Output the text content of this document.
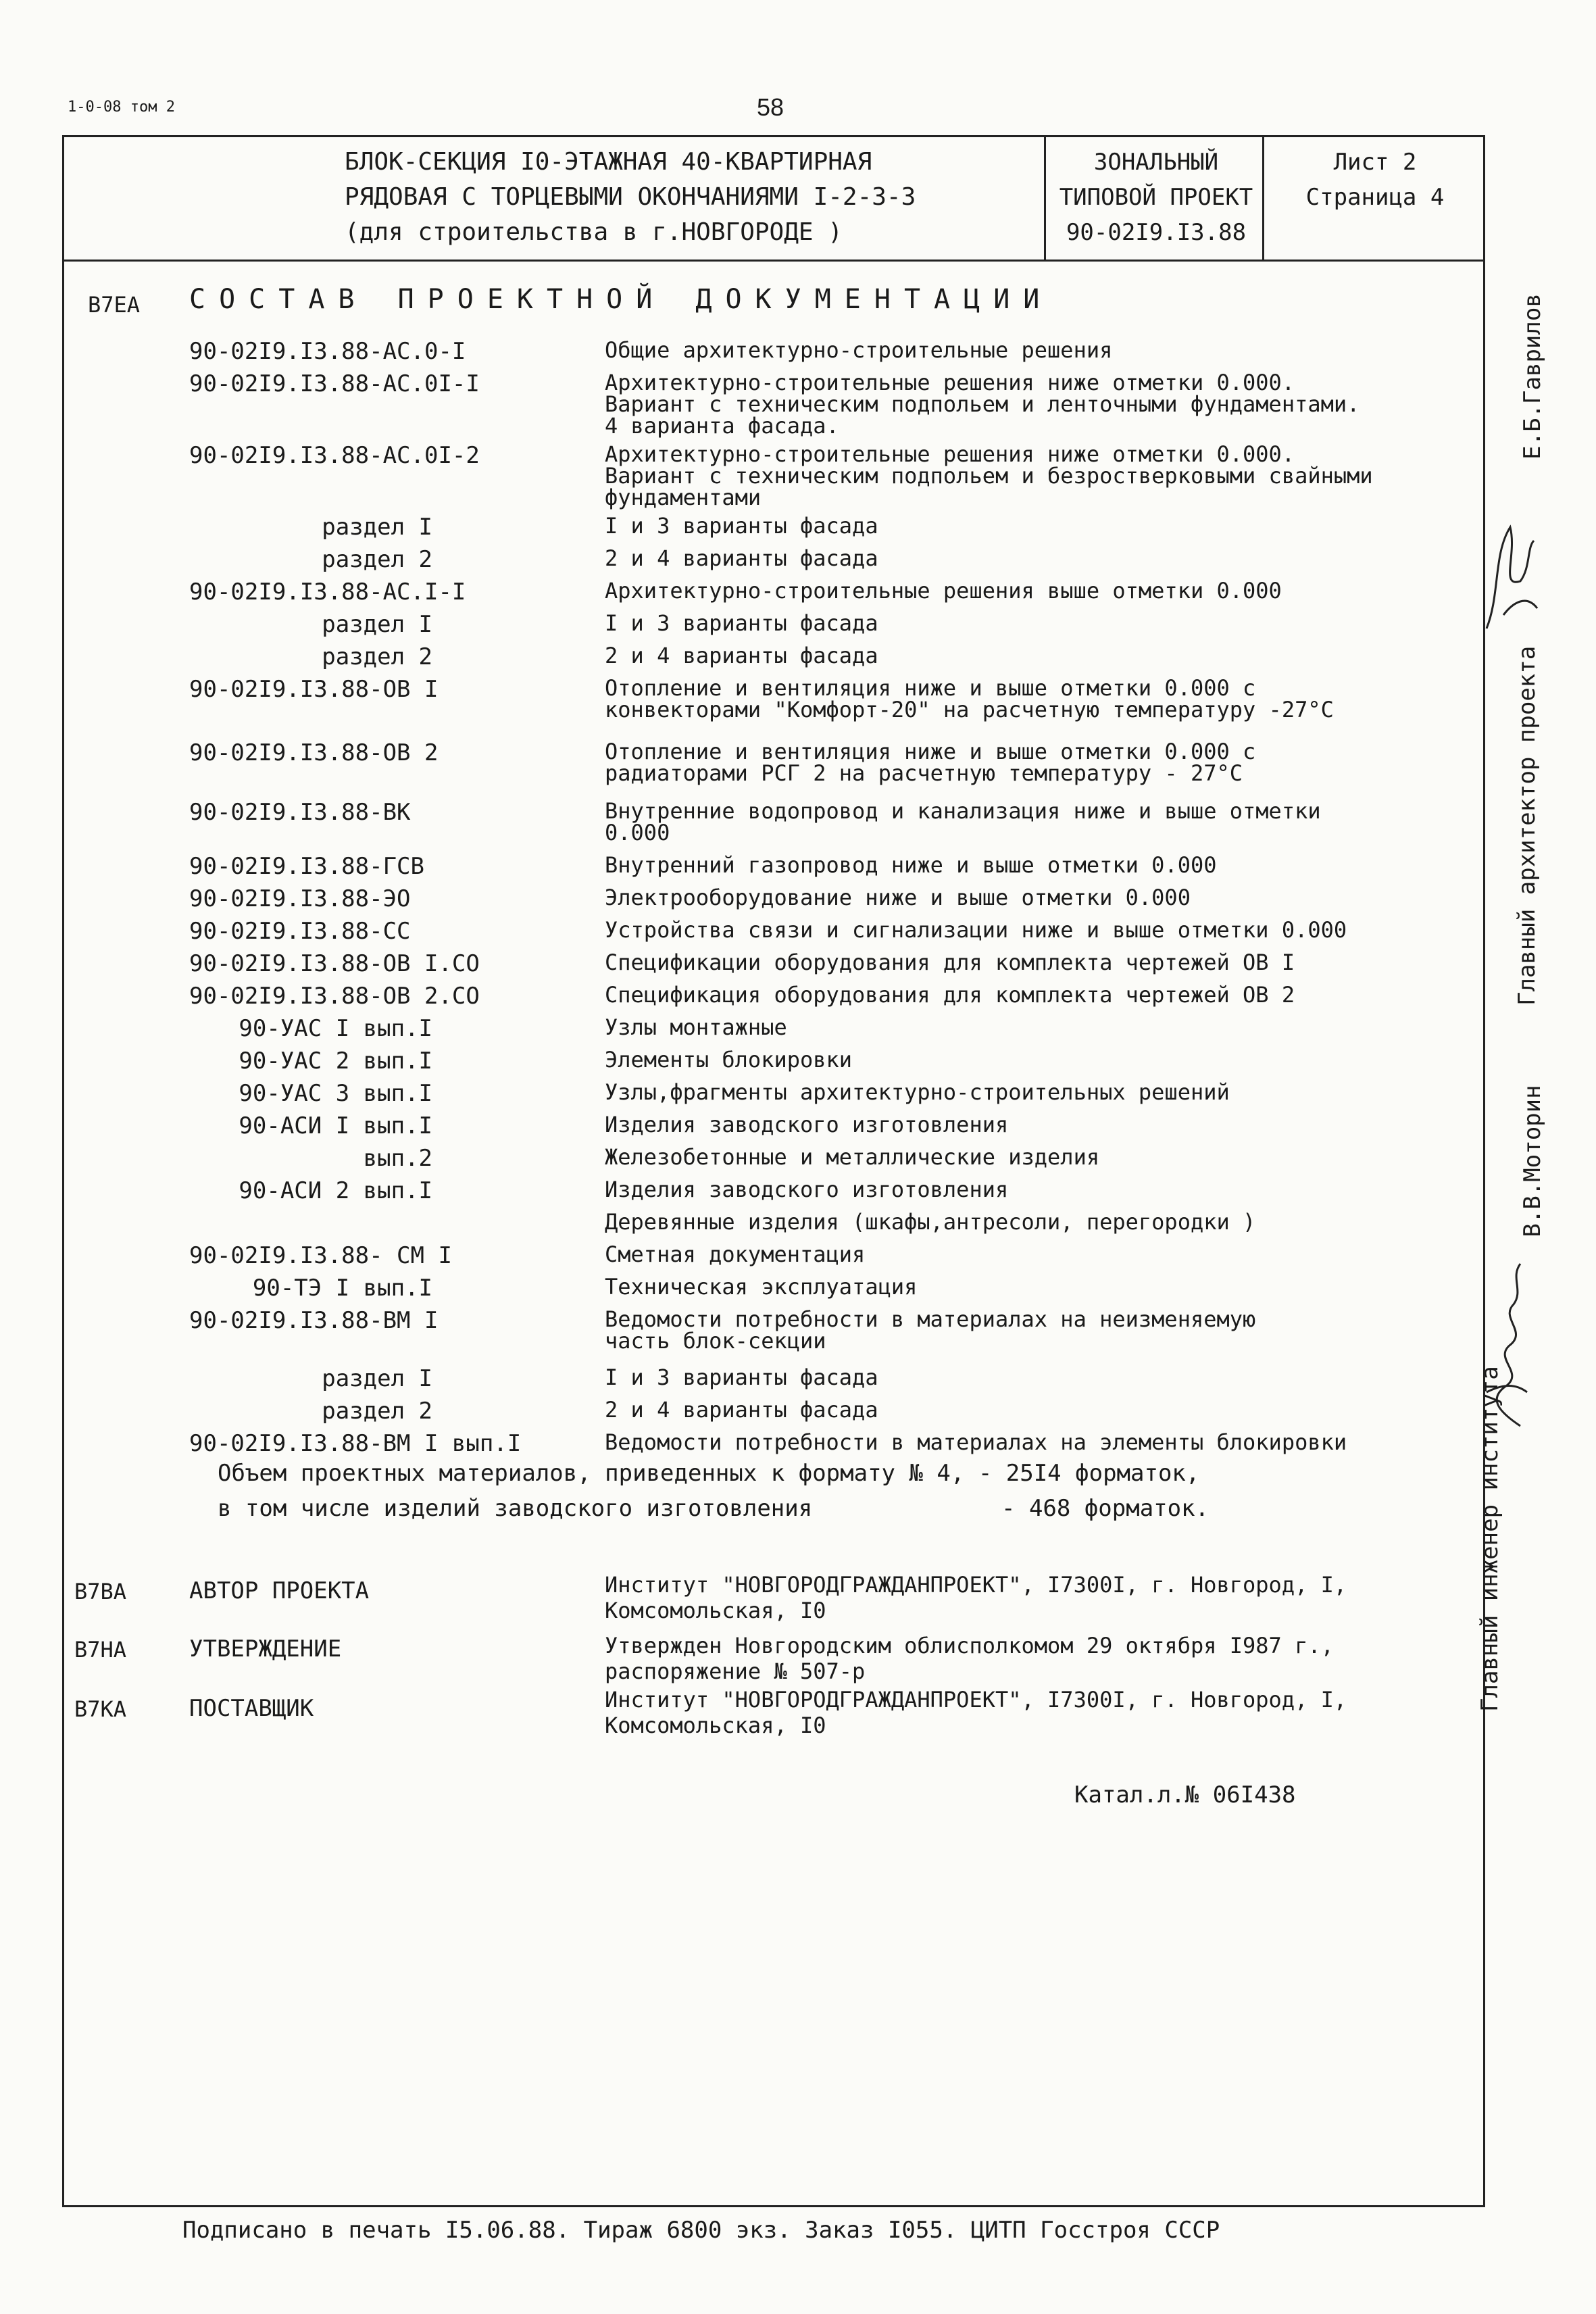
1-0-08 том 2	58
БЛОК-СЕКЦИЯ I0-ЭТАЖНАЯ 40-КВАРТИРНАЯ
РЯДОВАЯ С ТОРЦЕВЫМИ ОКОНЧАНИЯМИ I-2-3-3
(для строительства в г.НОВГОРОДЕ )
ЗОНАЛЬНЫЙ
ТИПОВОЙ ПРОЕКТ
90-02I9.I3.88
Лист 2
Страница 4
В7ЕА СОСТАВ ПРОЕКТНОЙ ДОКУМЕНТАЦИИ
90-02I9.I3.88-АС.0-I	Общие архитектурно-строительные решения
90-02I9.I3.88-АС.0I-I	Архитектурно-строительные решения ниже отметки 0.000.
Вариант с техническим подпольем и ленточными фундаментами.
4 варианта фасада.
90-02I9.I3.88-АС.0I-2	Архитектурно-строительные решения ниже отметки 0.000.
Вариант с техническим подпольем и безростверковыми свайными
фундаментами
раздел I	I и 3 варианты фасада
раздел 2	2 и 4 варианты фасада
90-02I9.I3.88-АС.I-I	Архитектурно-строительные решения выше отметки 0.000
раздел I	I и 3 варианты фасада
раздел 2	2 и 4 варианты фасада
90-02I9.I3.88-ОВ I	Отопление и вентиляция ниже и выше отметки 0.000 с
конвекторами "Комфорт-20" на расчетную температуру -27°С
90-02I9.I3.88-ОВ 2	Отопление и вентиляция ниже и выше отметки 0.000 с
радиаторами РСГ 2 на расчетную температуру - 27°С
90-02I9.I3.88-ВК	Внутренние водопровод и канализация ниже и выше отметки
0.000
90-02I9.I3.88-ГСВ	Внутренний газопровод ниже и выше отметки 0.000
90-02I9.I3.88-ЭО	Электрооборудование ниже и выше отметки 0.000
90-02I9.I3.88-СС	Устройства связи и сигнализации ниже и выше отметки 0.000
90-02I9.I3.88-ОВ I.СО	Спецификации оборудования для комплекта чертежей ОВ I
90-02I9.I3.88-ОВ 2.СО	Спецификация оборудования для комплекта чертежей ОВ 2
90-УАС I вып.I	Узлы монтажные
90-УАС 2 вып.I	Элементы блокировки
90-УАС 3 вып.I	Узлы,фрагменты архитектурно-строительных решений
90-АСИ I вып.I	Изделия заводского изготовления
вып.2	Железобетонные и металлические изделия
90-АСИ 2 вып.I	Изделия заводского изготовления
Деревянные изделия (шкафы,антресоли, перегородки )
90-02I9.I3.88- СМ I	Сметная документация
90-ТЭ I вып.I	Техническая эксплуатация
90-02I9.I3.88-ВМ I	Ведомости потребности в материалах на неизменяемую
часть блок-секции
раздел I	I и 3 варианты фасада
раздел 2	2 и 4 варианты фасада
90-02I9.I3.88-ВМ I вып.I	Ведомости потребности в материалах на элементы блокировки
Объем проектных материалов, приведенных к формату № 4, - 25I4 форматок,
в том числе изделий заводского изготовления	- 468 форматок.
В7ВА	АВТОР ПРОЕКТА	Институт "НОВГОРОДГРАЖДАНПРОЕКТ", I7300I, г. Новгород, I,
Комсомольская, I0
В7НА	УТВЕРЖДЕНИЕ	Утвержден Новгородским облисполкомом 29 октября I987 г.,
распоряжение № 507-р
В7КА	ПОСТАВЩИК	Институт "НОВГОРОДГРАЖДАНПРОЕКТ", I7300I, г. Новгород, I,
Комсомольская, I0
Катал.л.№ 06I438
Подписано в печать I5.06.88. Тираж 6800 экз. Заказ I055. ЦИТП Госстроя СССР
Е.Б.Гаврилов
Главный архитектор проекта
В.В.Моторин
Главный инженер института
